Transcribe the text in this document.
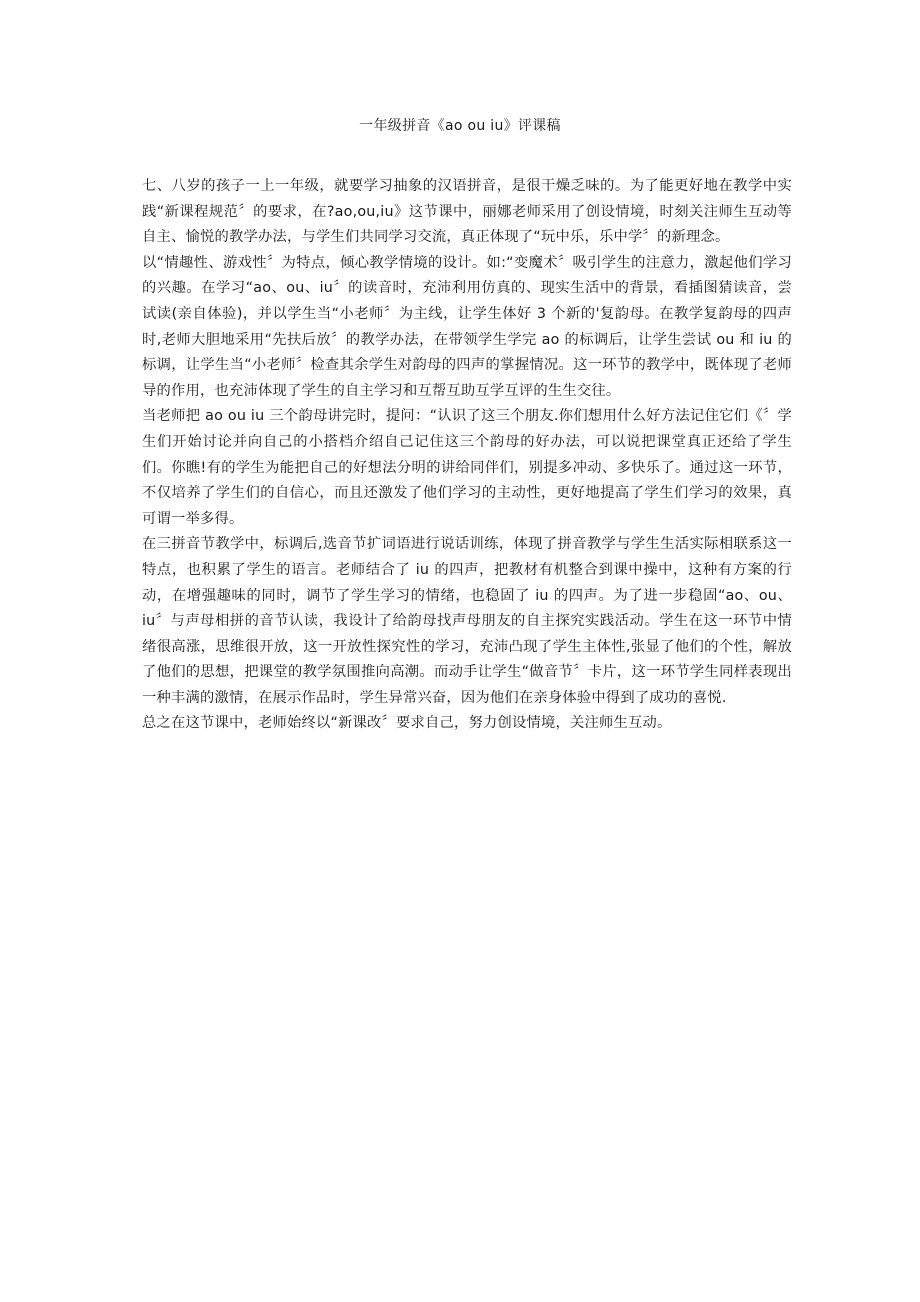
一年级拼音《ao ou iu》评课稿

七、八岁的孩子一上一年级，就要学习抽象的汉语拼音，是很干燥乏味的。为了能更好地在教学中实践“新课程规范〞的要求，在?ao,ou,iu》这节课中，丽娜老师采用了创设情境，时刻关注师生互动等自主、愉悦的教学办法，与学生们共同学习交流，真正体现了“玩中乐，乐中学〞的新理念。

以“情趣性、游戏性〞为特点，倾心教学情境的设计。如:“变魔术〞吸引学生的注意力，激起他们学习的兴趣。在学习“ao、ou、iu〞的读音时，充沛利用仿真的、现实生活中的背景，看插图猜读音，尝试读(亲自体验)，并以学生当“小老师〞为主线，让学生体好 3 个新的'复韵母。在教学复韵母的四声时,老师大胆地采用“先扶后放〞的教学办法，在带领学生学完 ao 的标调后，让学生尝试 ou 和 iu 的标调，让学生当“小老师〞检查其余学生对韵母的四声的掌握情况。这一环节的教学中，既体现了老师导的作用，也充沛体现了学生的自主学习和互帮互助互学互评的生生交往。

当老师把 ao ou iu 三个韵母讲完时，提问：“认识了这三个朋友.你们想用什么好方法记住它们《〞学生们开始讨论并向自己的小搭档介绍自己记住这三个韵母的好办法，可以说把课堂真正还给了学生们。你瞧!有的学生为能把自己的好想法分明的讲给同伴们，别提多冲动、多快乐了。通过这一环节，不仅培养了学生们的自信心，而且还激发了他们学习的主动性，更好地提高了学生们学习的效果，真可谓一举多得。

在三拼音节教学中，标调后,选音节扩词语进行说话训练，体现了拼音教学与学生生活实际相联系这一特点，也积累了学生的语言。老师结合了 iu 的四声，把教材有机整合到课中操中，这种有方案的行动，在增强趣味的同时，调节了学生学习的情绪，也稳固了 iu 的四声。为了进一步稳固“ao、ou、iu〞与声母相拼的音节认读，我设计了给韵母找声母朋友的自主探究实践活动。学生在这一环节中情绪很高涨，思维很开放，这一开放性探究性的学习，充沛凸现了学生主体性,张显了他们的个性，解放了他们的思想，把课堂的教学氛围推向高潮。而动手让学生“做音节〞卡片，这一环节学生同样表现出一种丰满的激情，在展示作品时，学生异常兴奋，因为他们在亲身体验中得到了成功的喜悦.

总之在这节课中，老师始终以“新课改〞要求自己，努力创设情境，关注师生互动。
